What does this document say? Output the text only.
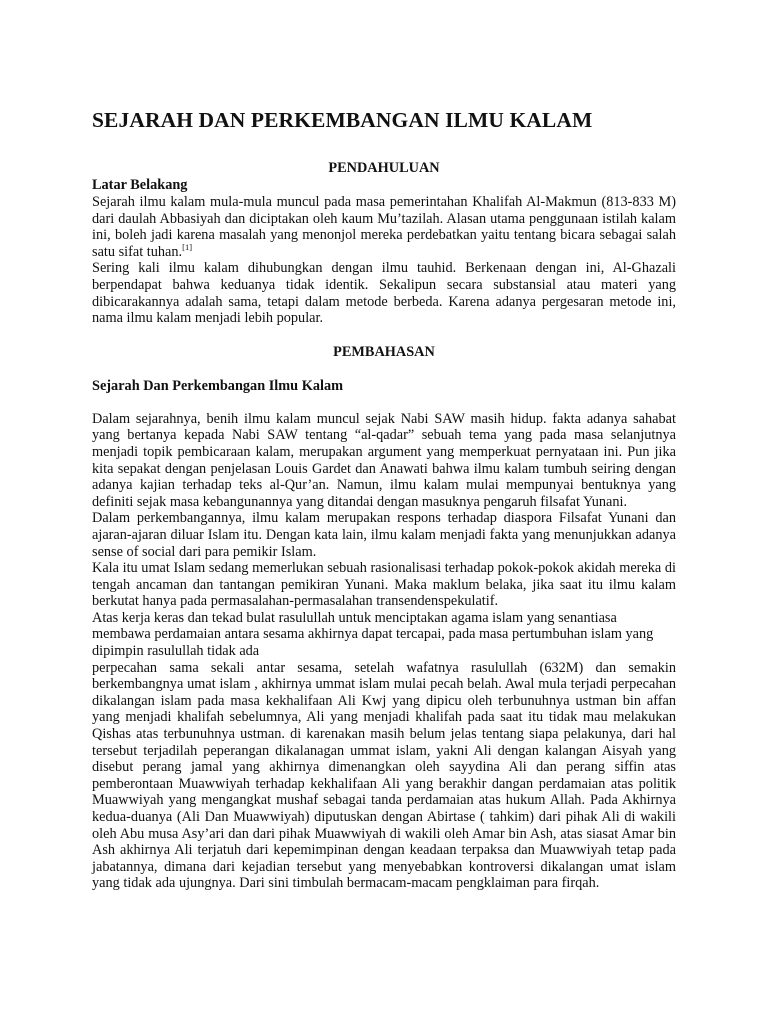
SEJARAH DAN PERKEMBANGAN ILMU KALAM
PENDAHULUAN
Latar Belakang

Sejarah ilmu kalam mula-mula muncul pada masa pemerintahan Khalifah Al-Makmun (813-833 M) dari daulah Abbasiyah dan diciptakan oleh kaum Mu’tazilah. Alasan utama penggunaan istilah kalam ini, boleh jadi karena masalah yang menonjol mereka perdebatkan yaitu tentang bicara sebagai salah satu sifat tuhan.[1]

Sering kali ilmu kalam dihubungkan dengan ilmu tauhid. Berkenaan dengan ini, Al-Ghazali berpendapat bahwa keduanya tidak identik. Sekalipun secara substansial atau materi yang dibicarakannya adalah sama, tetapi dalam metode berbeda. Karena adanya pergesaran metode ini, nama ilmu kalam menjadi lebih popular.

PEMBAHASAN
Sejarah Dan Perkembangan Ilmu Kalam

Dalam sejarahnya, benih ilmu kalam muncul sejak Nabi SAW masih hidup. fakta adanya sahabat yang bertanya kepada Nabi SAW tentang “al-qadar” sebuah tema yang pada masa selanjutnya menjadi topik pembicaraan kalam, merupakan argument yang memperkuat pernyataan ini. Pun jika kita sepakat dengan penjelasan Louis Gardet dan Anawati bahwa ilmu kalam tumbuh seiring dengan adanya kajian terhadap teks al-Qur’an. Namun, ilmu kalam mulai mempunyai bentuknya yang definiti sejak masa kebangunannya yang ditandai dengan masuknya pengaruh filsafat Yunani.

Dalam perkembangannya, ilmu kalam merupakan respons terhadap diaspora Filsafat Yunani dan ajaran-ajaran diluar Islam itu. Dengan kata lain, ilmu kalam menjadi fakta yang menunjukkan adanya sense of social dari para pemikir Islam.

Kala itu umat Islam sedang memerlukan sebuah rasionalisasi terhadap pokok-pokok akidah mereka di tengah ancaman dan tantangan pemikiran Yunani. Maka maklum belaka, jika saat itu ilmu kalam berkutat hanya pada permasalahan-permasalahan transendenspekulatif.

Atas kerja keras dan tekad bulat rasulullah untuk menciptakan agama islam yang senantiasa membawa perdamaian antara sesama akhirnya dapat tercapai, pada masa pertumbuhan islam yang dipimpin rasulullah tidak ada

perpecahan sama sekali antar sesama, setelah wafatnya rasulullah (632M) dan semakin berkembangnya umat islam , akhirnya ummat islam mulai pecah belah. Awal mula terjadi perpecahan dikalangan islam pada masa kekhalifaan Ali Kwj yang dipicu oleh terbunuhnya ustman bin affan yang menjadi khalifah sebelumnya, Ali yang menjadi khalifah pada saat itu tidak mau melakukan Qishas atas terbunuhnya ustman. di karenakan masih belum jelas tentang siapa pelakunya, dari hal tersebut terjadilah peperangan dikalanagan ummat islam, yakni Ali dengan kalangan Aisyah yang disebut perang jamal yang akhirnya dimenangkan oleh sayydina Ali dan perang siffin atas pemberontaan Muawwiyah terhadap kekhalifaan Ali yang berakhir dangan perdamaian atas politik Muawwiyah yang mengangkat mushaf sebagai tanda perdamaian atas hukum Allah. Pada Akhirnya kedua-duanya (Ali Dan Muawwiyah) diputuskan dengan Abirtase ( tahkim) dari pihak Ali di wakili oleh Abu musa Asy’ari dan dari pihak Muawwiyah di wakili oleh Amar bin Ash, atas siasat Amar bin Ash akhirnya Ali terjatuh dari kepemimpinan dengan keadaan terpaksa dan Muawwiyah tetap pada jabatannya, dimana dari kejadian tersebut yang menyebabkan kontroversi dikalangan umat islam yang tidak ada ujungnya. Dari sini timbulah bermacam-macam pengklaiman para firqah.
